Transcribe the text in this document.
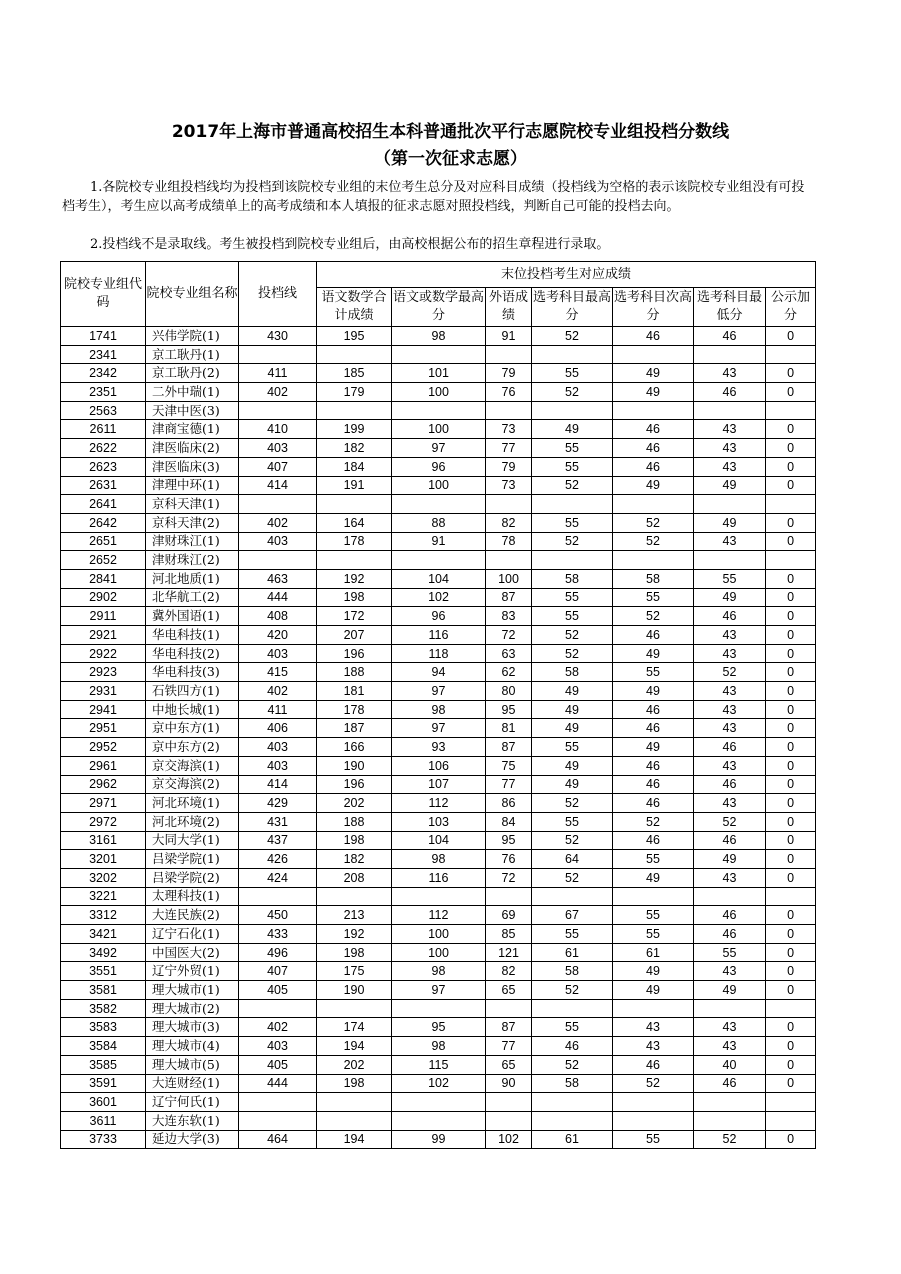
2017年上海市普通高校招生本科普通批次平行志愿院校专业组投档分数线
（第一次征求志愿）
1.各院校专业组投档线均为投档到该院校专业组的末位考生总分及对应科目成绩（投档线为空格的表示该院校专业组没有可投档考生），考生应以高考成绩单上的高考成绩和本人填报的征求志愿对照投档线，判断自己可能的投档去向。
2.投档线不是录取线。考生被投档到院校专业组后，由高校根据公布的招生章程进行录取。
院校专业组代码	院校专业组名称	投档线	末位投档考生对应成绩						
			语文数学合计成绩	语文或数学最高分	外语成绩	选考科目最高分	选考科目次高分	选考科目最低分	公示加分
1741	兴伟学院(1)	430	195	98	91	52	46	46	0
2341	京工耿丹(1)								
2342	京工耿丹(2)	411	185	101	79	55	49	43	0
2351	二外中瑞(1)	402	179	100	76	52	49	46	0
2563	天津中医(3)								
2611	津商宝德(1)	410	199	100	73	49	46	43	0
2622	津医临床(2)	403	182	97	77	55	46	43	0
2623	津医临床(3)	407	184	96	79	55	46	43	0
2631	津理中环(1)	414	191	100	73	52	49	49	0
2641	京科天津(1)								
2642	京科天津(2)	402	164	88	82	55	52	49	0
2651	津财珠江(1)	403	178	91	78	52	52	43	0
2652	津财珠江(2)								
2841	河北地质(1)	463	192	104	100	58	58	55	0
2902	北华航工(2)	444	198	102	87	55	55	49	0
2911	冀外国语(1)	408	172	96	83	55	52	46	0
2921	华电科技(1)	420	207	116	72	52	46	43	0
2922	华电科技(2)	403	196	118	63	52	49	43	0
2923	华电科技(3)	415	188	94	62	58	55	52	0
2931	石铁四方(1)	402	181	97	80	49	49	43	0
2941	中地长城(1)	411	178	98	95	49	46	43	0
2951	京中东方(1)	406	187	97	81	49	46	43	0
2952	京中东方(2)	403	166	93	87	55	49	46	0
2961	京交海滨(1)	403	190	106	75	49	46	43	0
2962	京交海滨(2)	414	196	107	77	49	46	46	0
2971	河北环境(1)	429	202	112	86	52	46	43	0
2972	河北环境(2)	431	188	103	84	55	52	52	0
3161	大同大学(1)	437	198	104	95	52	46	46	0
3201	吕梁学院(1)	426	182	98	76	64	55	49	0
3202	吕梁学院(2)	424	208	116	72	52	49	43	0
3221	太理科技(1)								
3312	大连民族(2)	450	213	112	69	67	55	46	0
3421	辽宁石化(1)	433	192	100	85	55	55	46	0
3492	中国医大(2)	496	198	100	121	61	61	55	0
3551	辽宁外贸(1)	407	175	98	82	58	49	43	0
3581	理大城市(1)	405	190	97	65	52	49	49	0
3582	理大城市(2)								
3583	理大城市(3)	402	174	95	87	55	43	43	0
3584	理大城市(4)	403	194	98	77	46	43	43	0
3585	理大城市(5)	405	202	115	65	52	46	40	0
3591	大连财经(1)	444	198	102	90	58	52	46	0
3601	辽宁何氏(1)								
3611	大连东软(1)								
3733	延边大学(3)	464	194	99	102	61	55	52	0
